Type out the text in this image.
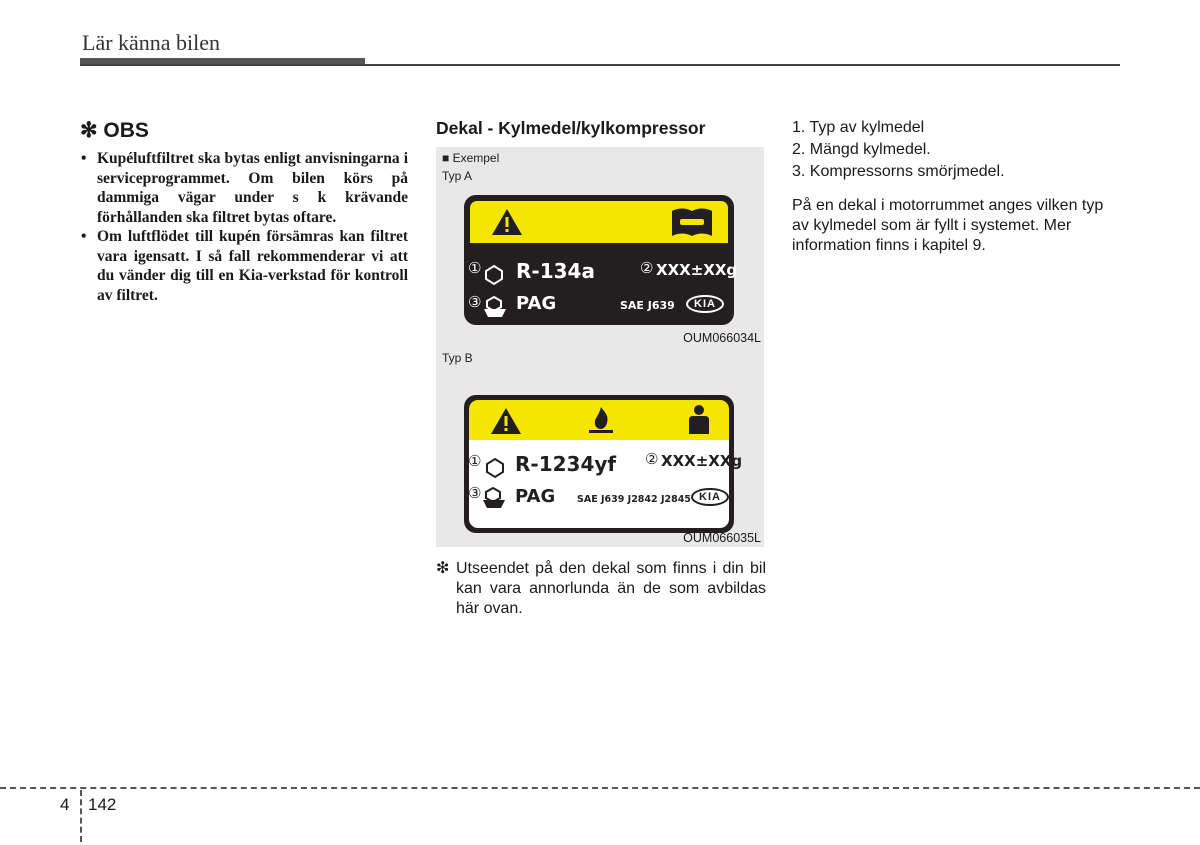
Lär känna bilen
✻ OBS
• Kupéluftfiltret ska bytas enligt anvisningarna i serviceprogrammet. Om bilen körs på dammiga vägar under s k krävande förhållanden ska filtret bytas oftare.
• Om luftflödet till kupén försämras kan filtret vara igensatt. I så fall rekommenderar vi att du vänder dig till en Kia-verkstad för kontroll av filtret.
Dekal - Kylmedel/kylkompressor
■ Exempel
Typ A
① R-134a	② XXX±XXg
③ PAG	SAE J639	KIA
OUM066034L
Typ B
① R-1234yf ② XXX±XXg
③ PAG SAE J639 J2842 J2845 KIA
OUM066035L
❇ Utseendet på den dekal som finns i din bil kan vara annorlunda än de som avbildas här ovan.
1. Typ av kylmedel
2. Mängd kylmedel.
3. Kompressorns smörjmedel.

På en dekal i motorrummet anges vilken typ av kylmedel som är fyllt i systemet. Mer information finns i kapitel 9.

4 142
